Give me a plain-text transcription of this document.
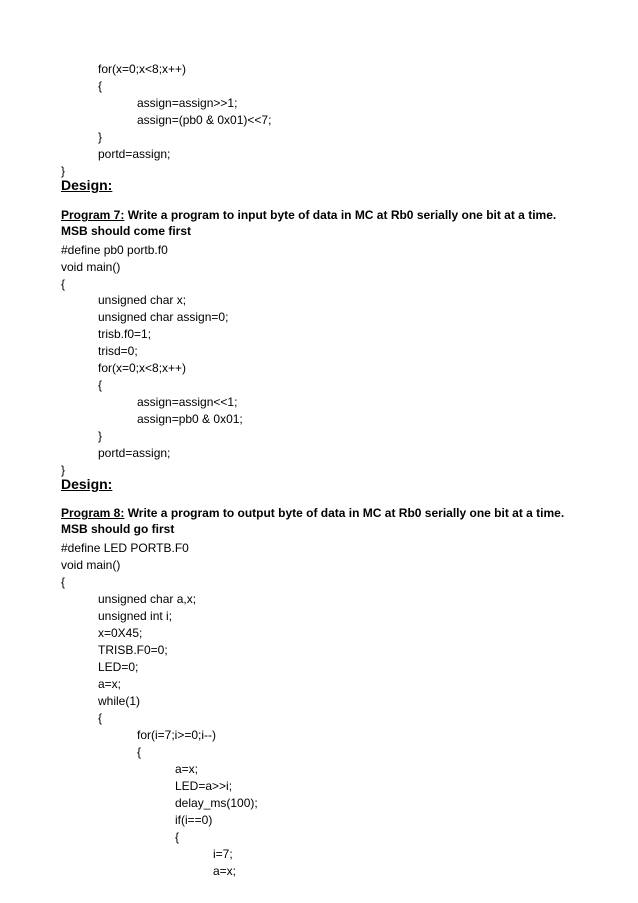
for(x=0;x<8;x++)
{
assign=assign>>1;
assign=(pb0 & 0x01)<<7;
}
portd=assign;
}
Design:
Program 7: Write a program to input byte of data in MC at Rb0 serially one bit at a time. MSB should come first
#define pb0 portb.f0
void main()
{
unsigned char x;
unsigned char assign=0;
trisb.f0=1;
trisd=0;
for(x=0;x<8;x++)
{
assign=assign<<1;
assign=pb0 & 0x01;
}
portd=assign;
}
Design:
Program 8: Write a program to output byte of data in MC at Rb0 serially one bit at a time. MSB should go first
#define LED PORTB.F0
void main()
{
unsigned char a,x;
unsigned int i;
x=0X45;
TRISB.F0=0;
LED=0;
a=x;
while(1)
{
for(i=7;i>=0;i--)
{
a=x;
LED=a>>i;
delay_ms(100);
if(i==0)
{
i=7;
a=x;
